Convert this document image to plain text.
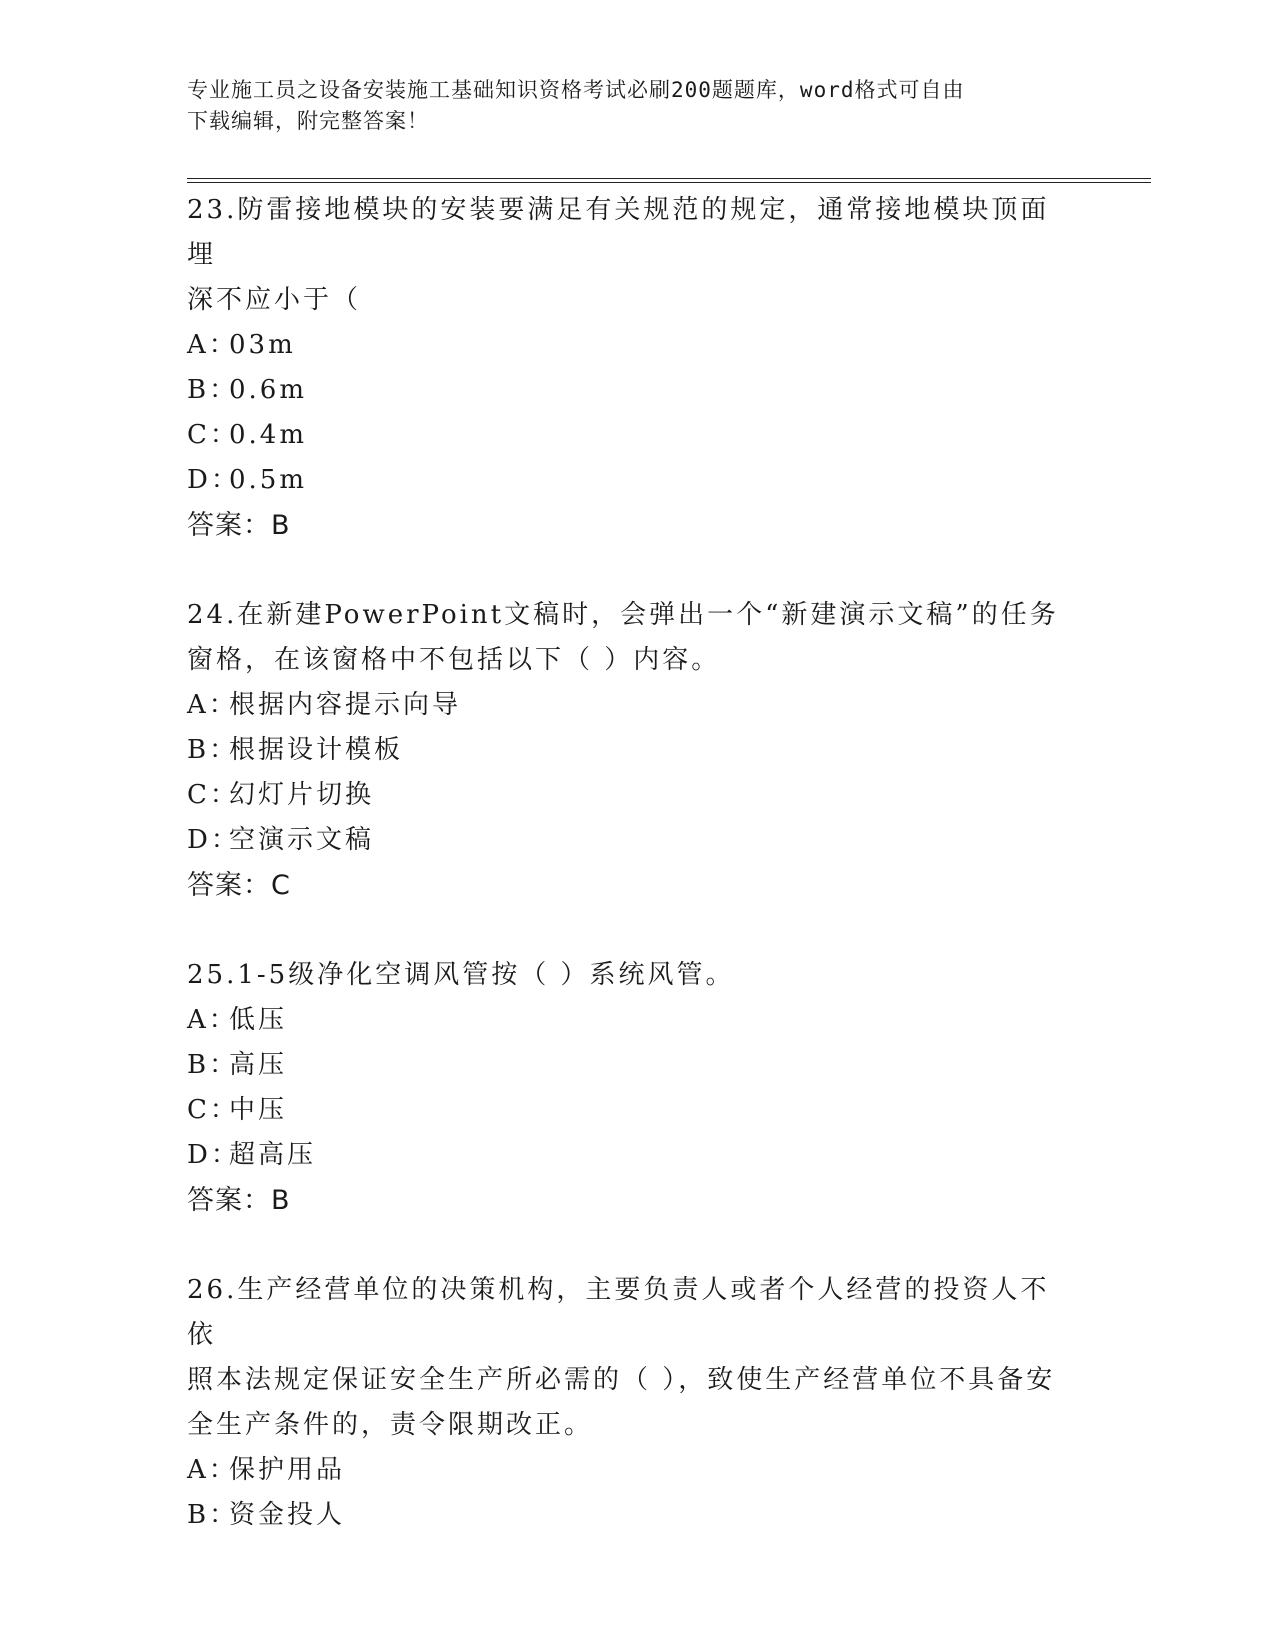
专业施工员之设备安装施工基础知识资格考试必刷200题题库，word格式可自由
下载编辑，附完整答案！
23.防雷接地模块的安装要满足有关规范的规定，通常接地模块顶面埋
深不应小于（
A：03m
B：0.6m
C：0.4m
D：0.5m
答案：B
24.在新建PowerPoint文稿时，会弹出一个“新建演示文稿”的任务
窗格，在该窗格中不包括以下（ ）内容。
A：根据内容提示向导
B：根据设计模板
C：幻灯片切换
D：空演示文稿
答案：C
25.1-5级净化空调风管按（ ）系统风管。
A：低压
B：高压
C：中压
D：超高压
答案：B
26.生产经营单位的决策机构，主要负责人或者个人经营的投资人不依
照本法规定保证安全生产所必需的（ ），致使生产经营单位不具备安
全生产条件的，责令限期改正。
A：保护用品
B：资金投人
